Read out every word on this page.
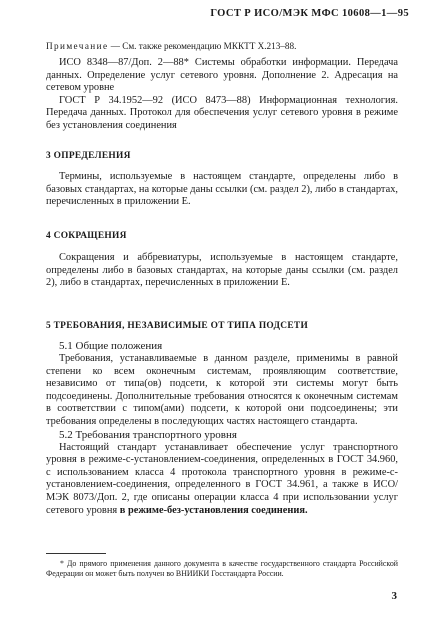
ГОСТ Р ИСО/МЭК МФС 10608—1—95
Примечание — См. также рекомендацию МККТТ Х.213–88.

ИСО 8348—87/Доп. 2—88* Системы обработки информации. Передача данных. Определение услуг сетевого уровня. Дополнение 2. Адресация на сетевом уровне

ГОСТ Р 34.1952—92 (ИСО 8473—88) Информационная технология. Передача данных. Протокол для обеспечения услуг сетевого уровня в режиме без установления соединения

3 ОПРЕДЕЛЕНИЯ

Термины, используемые в настоящем стандарте, определены либо в базовых стандартах, на которые даны ссылки (см. раздел 2), либо в стандартах, перечисленных в приложении Е.

4 СОКРАЩЕНИЯ

Сокращения и аббревиатуры, используемые в настоящем стандарте, определены либо в базовых стандартах, на которые даны ссылки (см. раздел 2), либо в стандартах, перечисленных в приложении Е.

5 ТРЕБОВАНИЯ, НЕЗАВИСИМЫЕ ОТ ТИПА ПОДСЕТИ

5.1 Общие положения

Требования, устанавливаемые в данном разделе, применимы в равной степени ко всем оконечным системам, проявляющим соответствие, независимо от типа(ов) подсети, к которой эти системы могут быть подсоединены. Дополнительные требования относятся к оконечным системам в соответствии с типом(ами) подсети, к которой они подсоединены; эти требования определены в последующих частях настоящего стандарта.

5.2 Требования транспортного уровня

Настоящий стандарт устанавливает обеспечение услуг транспортного уровня в режиме-с-установлением-соединения, определенных в ГОСТ 34.960, с использованием класса 4 протокола транспортного уровня в режиме-с-установлением-соединения, определенного в ГОСТ 34.961, а также в ИСО/МЭК 8073/Доп. 2, где описаны операции класса 4 при использовании услуг сетевого уровня в режиме-без-установления соединения.

* До прямого применения данного документа в качестве государственного стандарта Российской Федерации он может быть получен во ВНИИКИ Госстандарта России.
3
